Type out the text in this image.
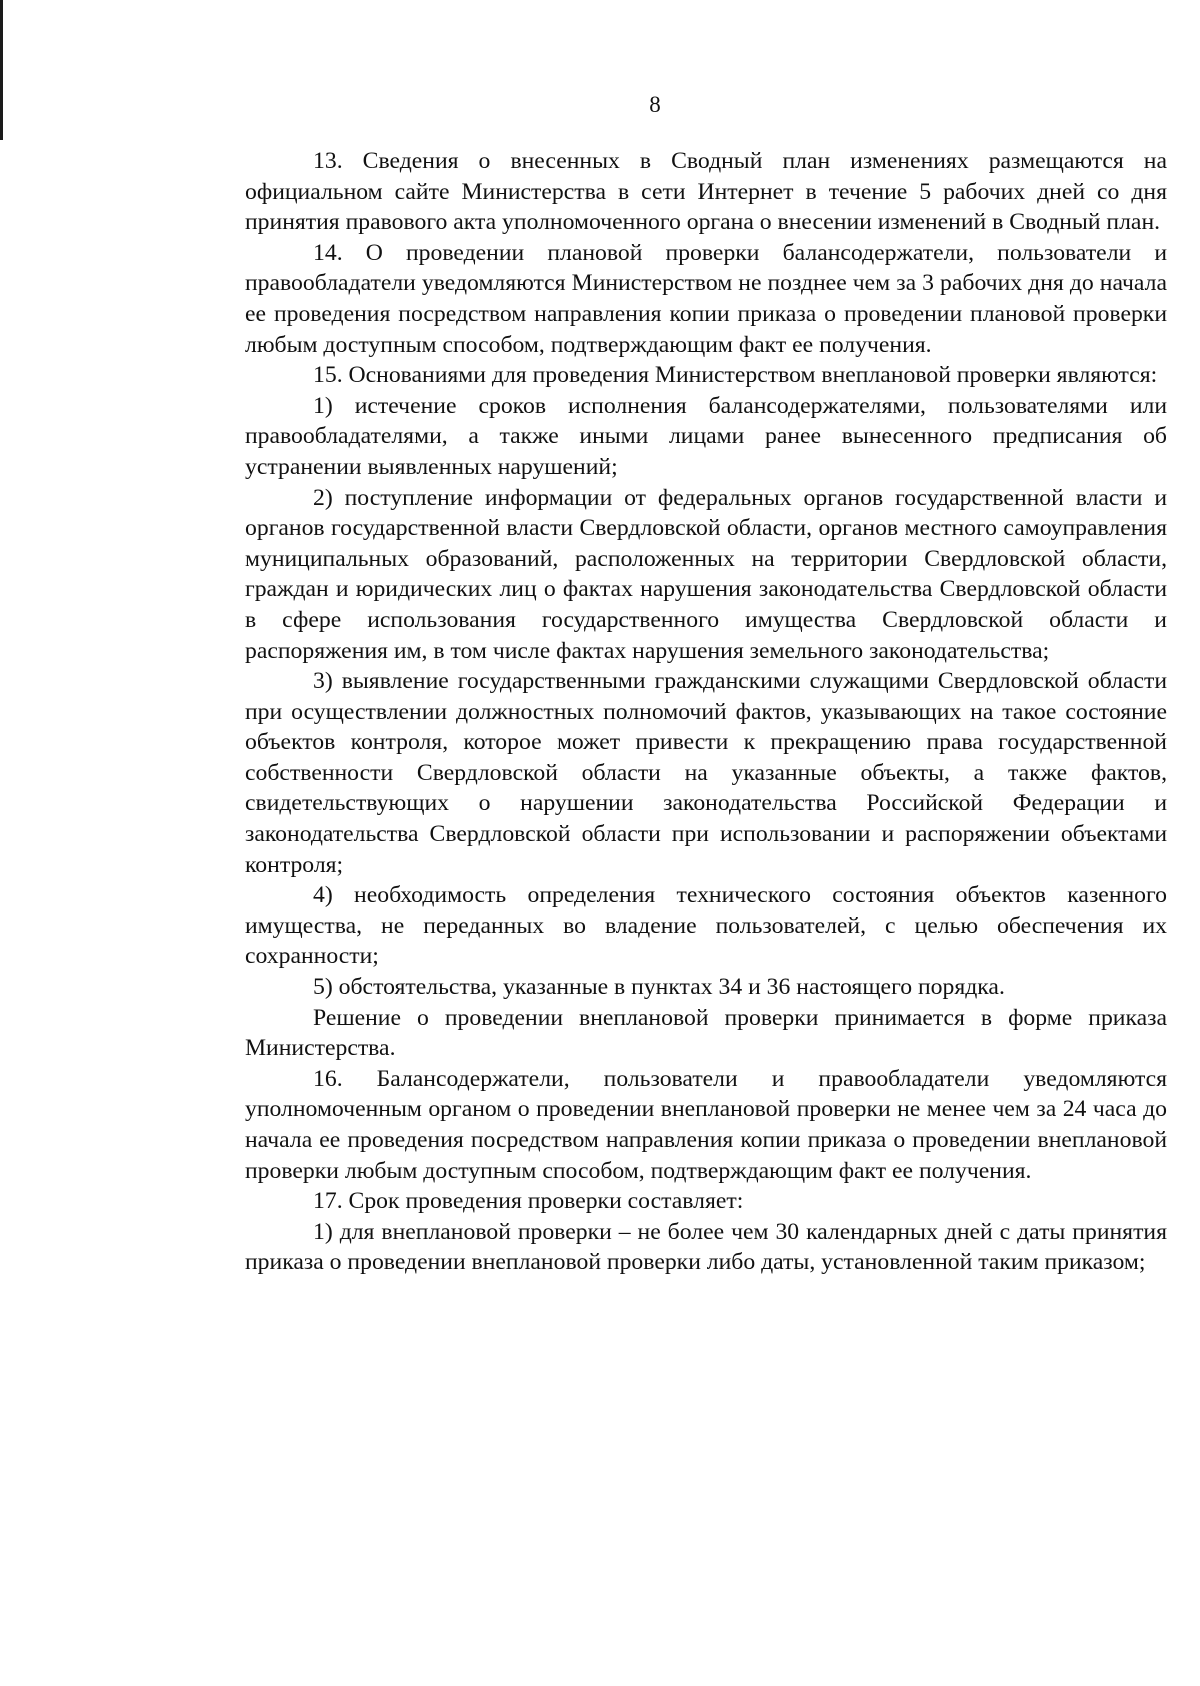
8

13. Сведения о внесенных в Сводный план изменениях размещаются на официальном сайте Министерства в сети Интернет в течение 5 рабочих дней со дня принятия правового акта уполномоченного органа о внесении изменений в Сводный план.

14. О проведении плановой проверки балансодержатели, пользователи и правообладатели уведомляются Министерством не позднее чем за 3 рабочих дня до начала ее проведения посредством направления копии приказа о проведении плановой проверки любым доступным способом, подтверждающим факт ее получения.

15. Основаниями для проведения Министерством внеплановой проверки являются:

1) истечение сроков исполнения балансодержателями, пользователями или правообладателями, а также иными лицами ранее вынесенного предписания об устранении выявленных нарушений;

2) поступление информации от федеральных органов государственной власти и органов государственной власти Свердловской области, органов местного самоуправления муниципальных образований, расположенных на территории Свердловской области, граждан и юридических лиц о фактах нарушения законодательства Свердловской области в сфере использования государственного имущества Свердловской области и распоряжения им, в том числе фактах нарушения земельного законодательства;

3) выявление государственными гражданскими служащими Свердловской области при осуществлении должностных полномочий фактов, указывающих на такое состояние объектов контроля, которое может привести к прекращению права государственной собственности Свердловской области на указанные объекты, а также фактов, свидетельствующих о нарушении законодательства Российской Федерации и законодательства Свердловской области при использовании и распоряжении объектами контроля;

4) необходимость определения технического состояния объектов казенного имущества, не переданных во владение пользователей, с целью обеспечения их сохранности;

5) обстоятельства, указанные в пунктах 34 и 36 настоящего порядка.

Решение о проведении внеплановой проверки принимается в форме приказа Министерства.

16. Балансодержатели, пользователи и правообладатели уведомляются уполномоченным органом о проведении внеплановой проверки не менее чем за 24 часа до начала ее проведения посредством направления копии приказа о проведении внеплановой проверки любым доступным способом, подтверждающим факт ее получения.

17. Срок проведения проверки составляет:

1) для внеплановой проверки – не более чем 30 календарных дней с даты принятия приказа о проведении внеплановой проверки либо даты, установленной таким приказом;
